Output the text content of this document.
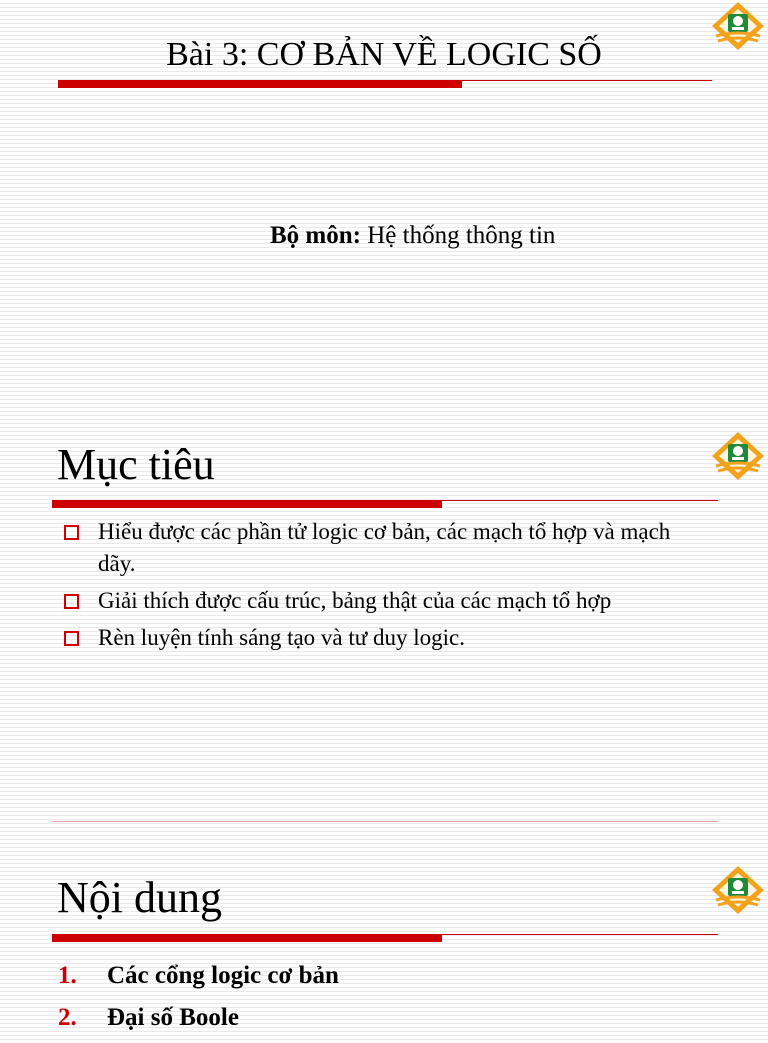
Bài 3: CƠ BẢN VỀ LOGIC SỐ
Bộ môn: Hệ thống thông tin
Mục tiêu
Hiểu được các phần tử logic cơ bản, các mạch tổ hợp và mạch dãy.
Giải thích được cấu trúc, bảng thật của các mạch tổ hợp
Rèn luyện tính sáng tạo và tư duy logic.
Nội dung
1. Các cổng logic cơ bản
2. Đại số Boole
